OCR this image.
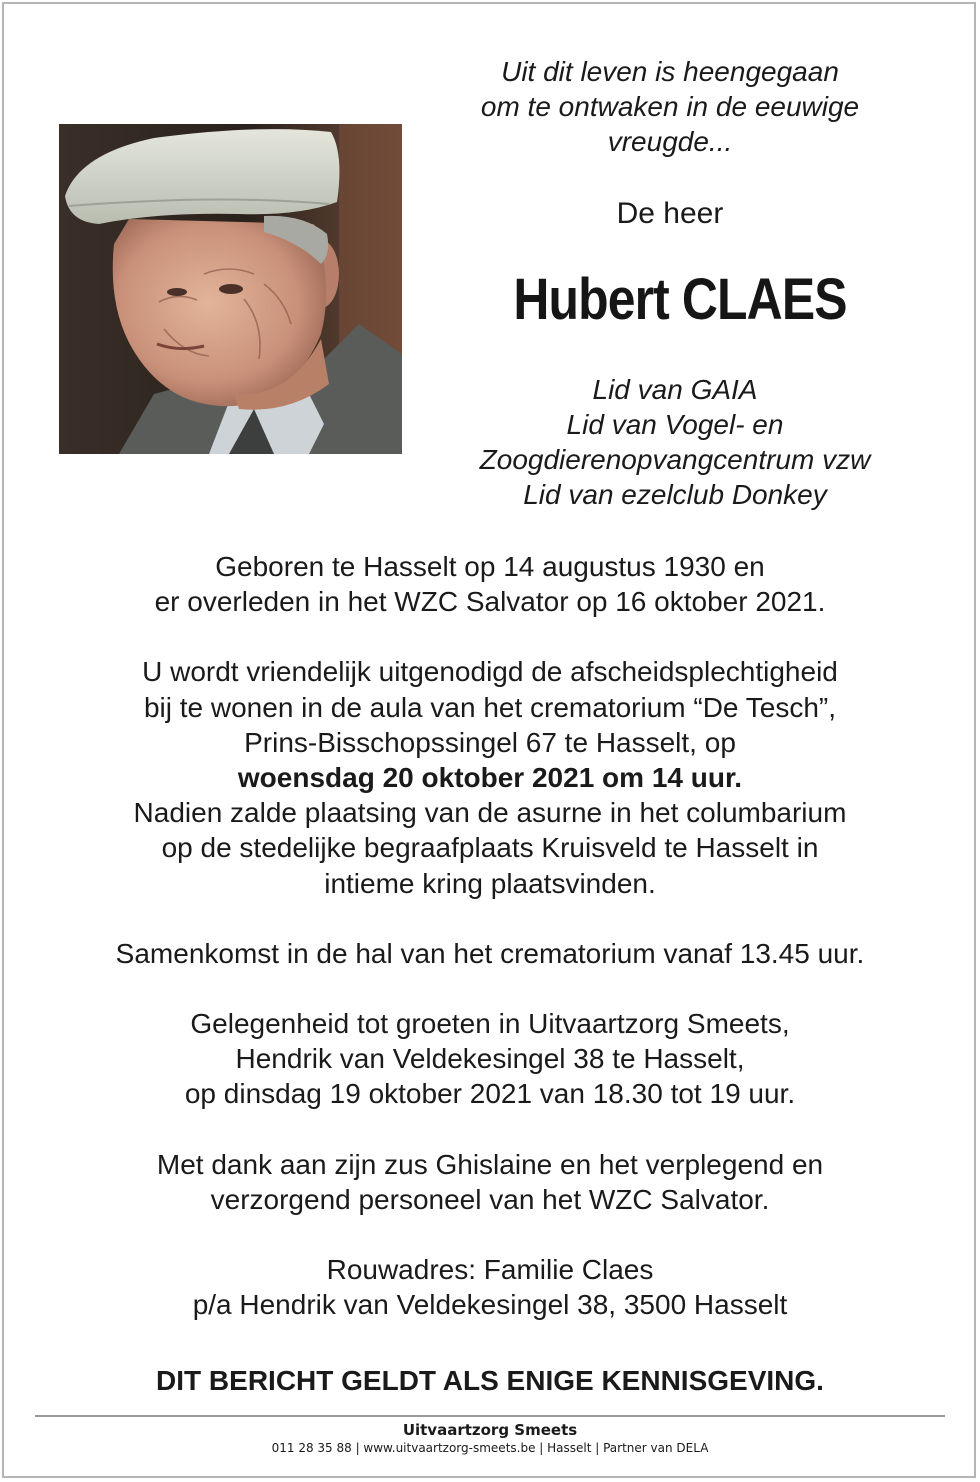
Uit dit leven is heengegaan
om te ontwaken in de eeuwige
vreugde...
De heer
Hubert CLAES
Lid van GAIA
Lid van Vogel- en
Zoogdierenopvangcentrum vzw
Lid van ezelclub Donkey
Geboren te Hasselt op 14 augustus 1930 en
er overleden in het WZC Salvator op 16 oktober 2021.
U wordt vriendelijk uitgenodigd de afscheidsplechtigheid
bij te wonen in de aula van het crematorium “De Tesch”,
Prins-Bisschopssingel 67 te Hasselt, op
woensdag 20 oktober 2021 om 14 uur.
Nadien zalde plaatsing van de asurne in het columbarium
op de stedelijke begraafplaats Kruisveld te Hasselt in
intieme kring plaatsvinden.
Samenkomst in de hal van het crematorium vanaf 13.45 uur.
Gelegenheid tot groeten in Uitvaartzorg Smeets,
Hendrik van Veldekesingel 38 te Hasselt,
op dinsdag 19 oktober 2021 van 18.30 tot 19 uur.
Met dank aan zijn zus Ghislaine en het verplegend en
verzorgend personeel van het WZC Salvator.
Rouwadres: Familie Claes
p/a Hendrik van Veldekesingel 38, 3500 Hasselt
DIT BERICHT GELDT ALS ENIGE KENNISGEVING.
Uitvaartzorg Smeets
011 28 35 88 | www.uitvaartzorg-smeets.be | Hasselt | Partner van DELA
